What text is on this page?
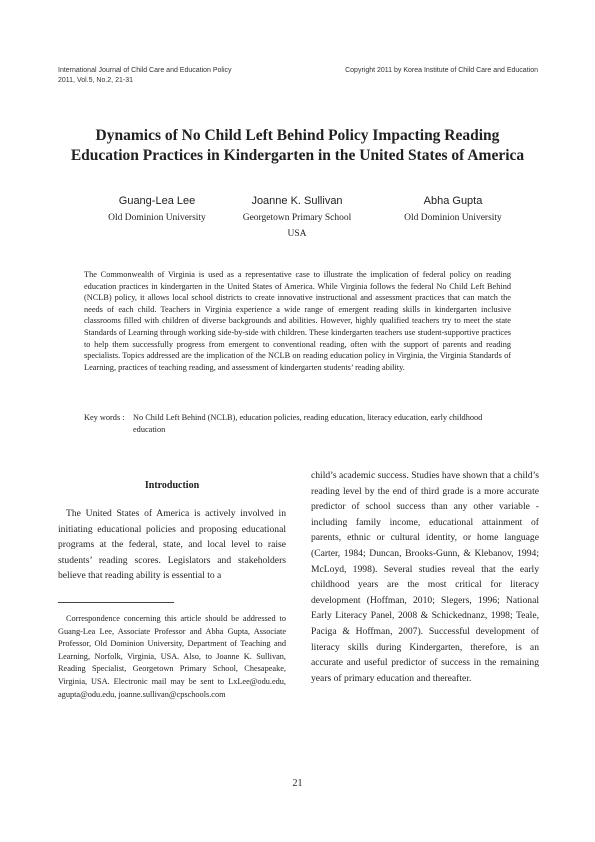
International Journal of Child Care and Education Policy
2011, Vol.5, No.2, 21-31
Copyright 2011 by Korea Institute of Child Care and Education
Dynamics of No Child Left Behind Policy Impacting Reading
Education Practices in Kindergarten in the United States of America
Guang-Lea Lee
Old Dominion University
Joanne K. Sullivan
Georgetown Primary School
USA
Abha Gupta
Old Dominion University
The Commonwealth of Virginia is used as a representative case to illustrate the implication of federal policy on reading education practices in kindergarten in the United States of America. While Virginia follows the federal No Child Left Behind (NCLB) policy, it allows local school districts to create innovative instructional and assessment practices that can match the needs of each child. Teachers in Virginia experience a wide range of emergent reading skills in kindergarten inclusive classrooms filled with children of diverse backgrounds and abilities. However, highly qualified teachers try to meet the state Standards of Learning through working side-by-side with children. These kindergarten teachers use student-supportive practices to help them successfully progress from emergent to conventional reading, often with the support of parents and reading specialists. Topics addressed are the implication of the NCLB on reading education policy in Virginia, the Virginia Standards of Learning, practices of teaching reading, and assessment of kindergarten students’ reading ability.
Key words :	No Child Left Behind (NCLB), education policies, reading education, literacy education, early childhood education
Introduction
The United States of America is actively involved in initiating educational policies and proposing educational programs at the federal, state, and local level to raise students’ reading scores. Legislators and stakeholders believe that reading ability is essential to a
Correspondence concerning this article should be addressed to Guang-Lea Lee, Associate Professor and Abha Gupta, Associate Professor, Old Dominion University, Department of Teaching and Learning, Norfolk, Virginia, USA. Also, to Joanne K. Sullivan, Reading Specialist, Georgetown Primary School, Chesapeake, Virginia, USA. Electronic mail may be sent to LxLee@odu.edu, agupta@odu.edu, joanne.sullivan@cpschools.com
child’s academic success. Studies have shown that a child’s reading level by the end of third grade is a more accurate predictor of school success than any other variable - including family income, educational attainment of parents, ethnic or cultural identity, or home language (Carter, 1984; Duncan, Brooks-Gunn, & Klebanov, 1994; McLoyd, 1998). Several studies reveal that the early childhood years are the most critical for literacy development (Hoffman, 2010; Slegers, 1996; National Early Literacy Panel, 2008 & Schickednanz, 1998; Teale, Paciga & Hoffman, 2007). Successful development of literacy skills during Kindergarten, therefore, is an accurate and useful predictor of success in the remaining years of primary education and thereafter.
21
